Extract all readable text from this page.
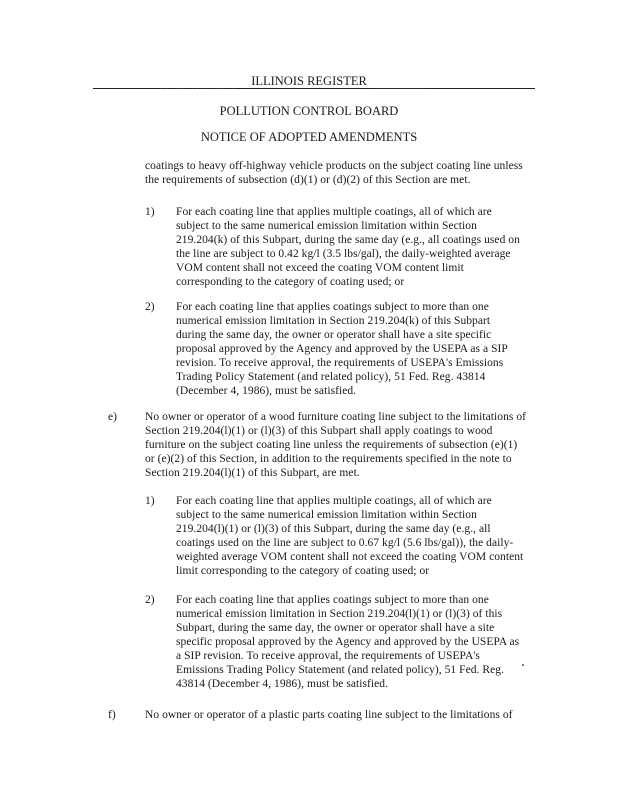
ILLINOIS REGISTER
POLLUTION CONTROL BOARD
NOTICE OF ADOPTED AMENDMENTS
coatings to heavy off-highway vehicle products on the subject coating line unless
the requirements of subsection (d)(1) or (d)(2) of this Section are met.
1) For each coating line that applies multiple coatings, all of which are
subject to the same numerical emission limitation within Section
219.204(k) of this Subpart, during the same day (e.g., all coatings used on
the line are subject to 0.42 kg/l (3.5 lbs/gal), the daily-weighted average
VOM content shall not exceed the coating VOM content limit
corresponding to the category of coating used; or
2) For each coating line that applies coatings subject to more than one
numerical emission limitation in Section 219.204(k) of this Subpart
during the same day, the owner or operator shall have a site specific
proposal approved by the Agency and approved by the USEPA as a SIP
revision. To receive approval, the requirements of USEPA's Emissions
Trading Policy Statement (and related policy), 51 Fed. Reg. 43814
(December 4, 1986), must be satisfied.
e) No owner or operator of a wood furniture coating line subject to the limitations of
Section 219.204(l)(1) or (l)(3) of this Subpart shall apply coatings to wood
furniture on the subject coating line unless the requirements of subsection (e)(1)
or (e)(2) of this Section, in addition to the requirements specified in the note to
Section 219.204(l)(1) of this Subpart, are met.
1) For each coating line that applies multiple coatings, all of which are
subject to the same numerical emission limitation within Section
219.204(l)(1) or (l)(3) of this Subpart, during the same day (e.g., all
coatings used on the line are subject to 0.67 kg/l (5.6 lbs/gal)), the daily-
weighted average VOM content shall not exceed the coating VOM content
limit corresponding to the category of coating used; or
2) For each coating line that applies coatings subject to more than one
numerical emission limitation in Section 219.204(l)(1) or (l)(3) of this
Subpart, during the same day, the owner or operator shall have a site
specific proposal approved by the Agency and approved by the USEPA as
a SIP revision. To receive approval, the requirements of USEPA's
Emissions Trading Policy Statement (and related policy), 51 Fed. Reg.
43814 (December 4, 1986), must be satisfied.
f)	No owner or operator of a plastic parts coating line subject to the limitations of
